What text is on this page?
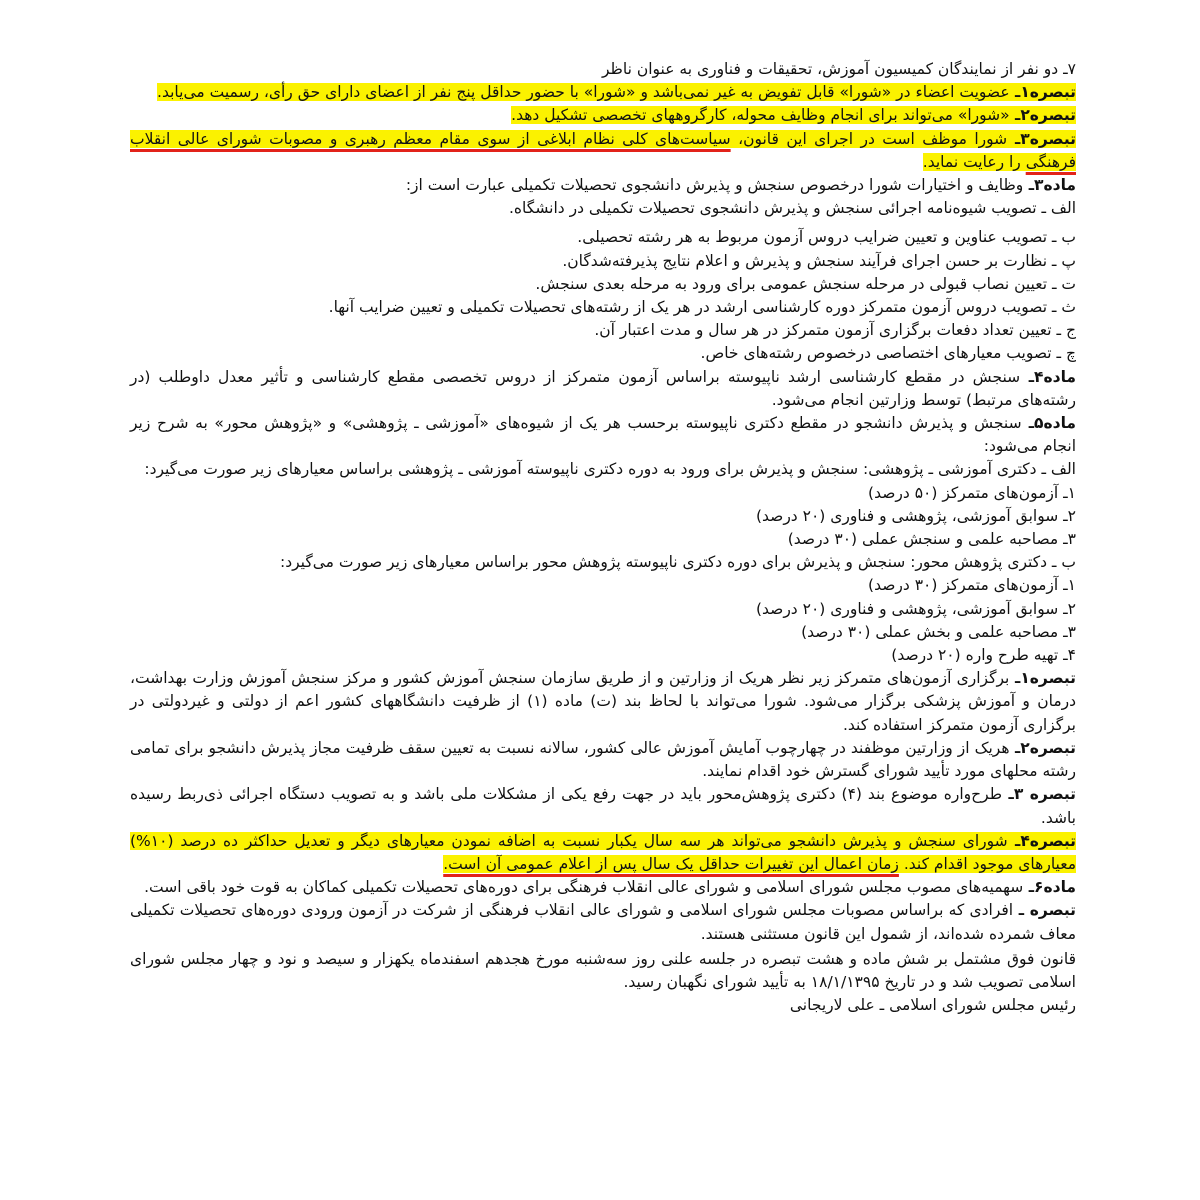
۷ـ دو نفر از نمایندگان کمیسیون آموزش، تحقیقات و فناوری به عنوان ناظر

تبصره۱ـ عضویت اعضاء در «شورا» قابل تفویض به غیر نمی‌باشد و «شورا» با حضور حداقل پنج نفر از اعضای دارای حق رأی، رسمیت می‌یابد.

تبصره۲ـ «شورا» می‌تواند برای انجام وظایف محوله، کارگروههای تخصصی تشکیل دهد.

تبصره۳ـ شورا موظف است در اجرای این قانون، سیاست‌های کلی نظام ابلاغی از سوی مقام معظم رهبری و مصوبات شورای عالی انقلاب فرهنگی را رعایت نماید.

ماده۳ـ وظایف و اختیارات شورا درخصوص سنجش و پذیرش دانشجوی تحصیلات تکمیلی عبارت است از:

الف ـ تصویب شیوه‌نامه اجرائی سنجش و پذیرش دانشجوی تحصیلات تکمیلی در دانشگاه.

ب ـ تصویب عناوین و تعیین ضرایب دروس آزمون مربوط به هر رشته تحصیلی.

پ ـ نظارت بر حسن اجرای فرآیند سنجش و پذیرش و اعلام نتایج پذیرفته‌شدگان.

ت ـ تعیین نصاب قبولی در مرحله سنجش عمومی برای ورود به مرحله بعدی سنجش.

ث ـ تصویب دروس آزمون متمرکز دوره کارشناسی ارشد در هر یک از رشته‌های تحصیلات تکمیلی و تعیین ضرایب آنها.

ج ـ تعیین تعداد دفعات برگزاری آزمون متمرکز در هر سال و مدت اعتبار آن.

چ ـ تصویب معیارهای اختصاصی درخصوص رشته‌های خاص.

ماده۴ـ سنجش در مقطع کارشناسی ارشد ناپیوسته براساس آزمون متمرکز از دروس تخصصی مقطع کارشناسی و تأثیر معدل داوطلب (در رشته‌های مرتبط) توسط وزارتین انجام می‌شود.

ماده۵ـ سنجش و پذیرش دانشجو در مقطع دکتری ناپیوسته برحسب هر یک از شیوه‌های «آموزشی ـ پژوهشی» و «پژوهش محور» به شرح زیر انجام می‌شود:

الف ـ دکتری آموزشی ـ پژوهشی: سنجش و پذیرش برای ورود به دوره دکتری ناپیوسته آموزشی ـ پژوهشی براساس معیارهای زیر صورت می‌گیرد:

۱ـ آزمون‌های متمرکز (۵۰ درصد)

۲ـ سوابق آموزشی، پژوهشی و فناوری (۲۰ درصد)

۳ـ مصاحبه علمی و سنجش عملی (۳۰ درصد)

ب ـ دکتری پژوهش محور: سنجش و پذیرش برای دوره دکتری ناپیوسته پژوهش محور براساس معیارهای زیر صورت می‌گیرد:

۱ـ آزمون‌های متمرکز (۳۰ درصد)

۲ـ سوابق آموزشی، پژوهشی و فناوری (۲۰ درصد)

۳ـ مصاحبه علمی و بخش عملی (۳۰ درصد)

۴ـ تهیه طرح واره (۲۰ درصد)

تبصره۱ـ برگزاری آزمون‌های متمرکز زیر نظر هریک از وزارتین و از طریق سازمان سنجش آموزش کشور و مرکز سنجش آموزش وزارت بهداشت، درمان و آموزش پزشکی برگزار می‌شود. شورا می‌تواند با لحاظ بند (ت) ماده (۱) از ظرفیت دانشگاههای کشور اعم از دولتی و غیردولتی در برگزاری آزمون متمرکز استفاده کند.

تبصره۲ـ هریک از وزارتین موظفند در چهارچوب آمایش آموزش عالی کشور، سالانه نسبت به تعیین سقف ظرفیت مجاز پذیرش دانشجو برای تمامی رشته محلهای مورد تأیید شورای گسترش خود اقدام نمایند.

تبصره ۳ـ طرح‌واره موضوع بند (۴) دکتری پژوهش‌محور باید در جهت رفع یکی از مشکلات ملی باشد و به تصویب دستگاه اجرائی ذی‌ربط رسیده باشد.

تبصره۴ـ شورای سنجش و پذیرش دانشجو می‌تواند هر سه سال یکبار نسبت به اضافه نمودن معیارهای دیگر و تعدیل حداکثر ده درصد (۱۰%) معیارهای موجود اقدام کند. زمان اعمال این تغییرات حداقل یک سال پس از اعلام عمومی آن است.

ماده۶ـ سهمیه‌های مصوب مجلس شورای اسلامی و شورای عالی انقلاب فرهنگی برای دوره‌های تحصیلات تکمیلی کماکان به قوت خود باقی است.

تبصره ـ افرادی که براساس مصوبات مجلس شورای اسلامی و شورای عالی انقلاب فرهنگی از شرکت در آزمون ورودی دوره‌های تحصیلات تکمیلی معاف شمرده شده‌اند، از شمول این قانون مستثنی هستند.

قانون فوق مشتمل بر شش ماده و هشت تبصره در جلسه علنی روز سه‌شنبه مورخ هجدهم اسفندماه یکهزار و سیصد و نود و چهار مجلس شورای اسلامی تصویب شد و در تاریخ ۱۸/۱/۱۳۹۵ به تأیید شورای نگهبان رسید.

رئیس مجلس شورای اسلامی ـ علی لاریجانی
